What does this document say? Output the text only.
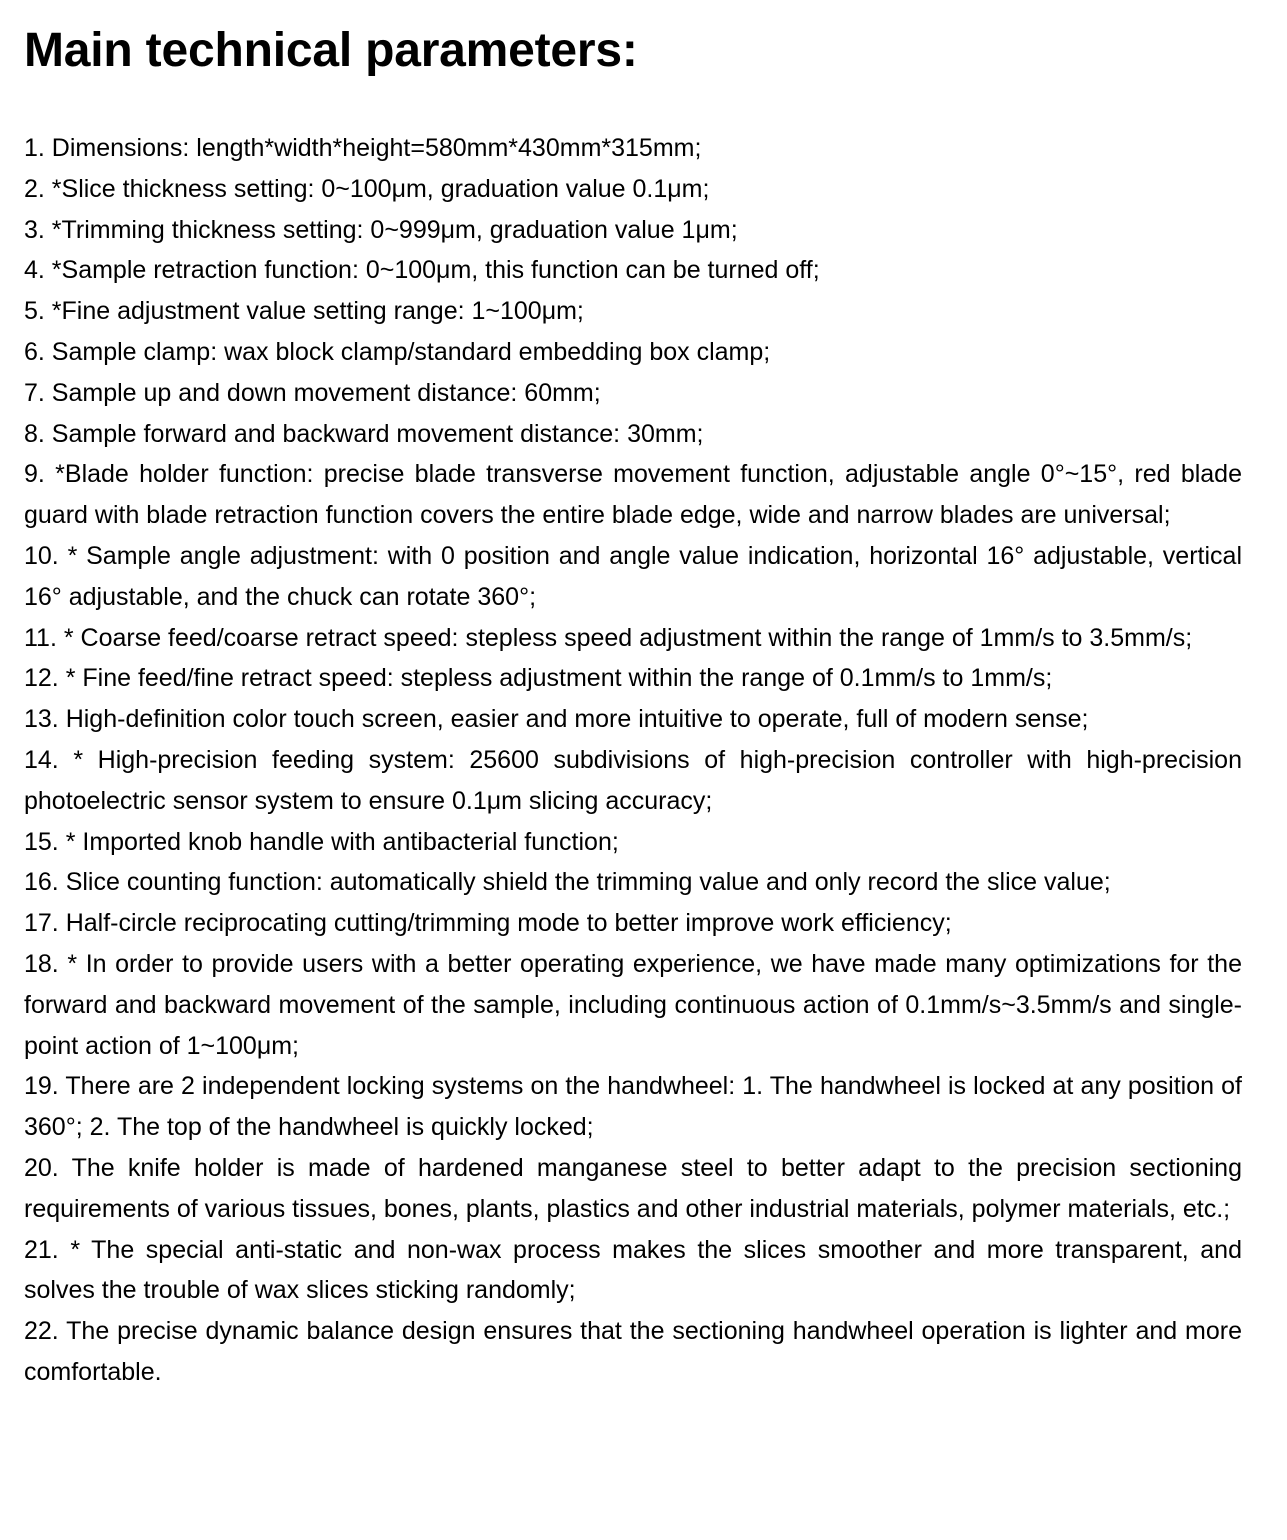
Main technical parameters:
1. Dimensions: length*width*height=580mm*430mm*315mm;
2. *Slice thickness setting: 0~100μm, graduation value 0.1μm;
3. *Trimming thickness setting: 0~999μm, graduation value 1μm;
4. *Sample retraction function: 0~100μm, this function can be turned off;
5. *Fine adjustment value setting range: 1~100μm;
6. Sample clamp: wax block clamp/standard embedding box clamp;
7. Sample up and down movement distance: 60mm;
8. Sample forward and backward movement distance: 30mm;
9. *Blade holder function: precise blade transverse movement function, adjustable angle 0°~15°, red blade guard with blade retraction function covers the entire blade edge, wide and narrow blades are universal;
10. * Sample angle adjustment: with 0 position and angle value indication, horizontal 16° adjustable, vertical 16° adjustable, and the chuck can rotate 360°;
11. * Coarse feed/coarse retract speed: stepless speed adjustment within the range of 1mm/s to 3.5mm/s;
12. * Fine feed/fine retract speed: stepless adjustment within the range of 0.1mm/s to 1mm/s;
13. High-definition color touch screen, easier and more intuitive to operate, full of modern sense;
14. * High-precision feeding system: 25600 subdivisions of high-precision controller with high-precision photoelectric sensor system to ensure 0.1μm slicing accuracy;
15. * Imported knob handle with antibacterial function;
16. Slice counting function: automatically shield the trimming value and only record the slice value;
17. Half-circle reciprocating cutting/trimming mode to better improve work efficiency;
18. * In order to provide users with a better operating experience, we have made many optimizations for the forward and backward movement of the sample, including continuous action of 0.1mm/s~3.5mm/s and single-point action of 1~100μm;
19. There are 2 independent locking systems on the handwheel: 1. The handwheel is locked at any position of 360°; 2. The top of the handwheel is quickly locked;
20. The knife holder is made of hardened manganese steel to better adapt to the precision sectioning requirements of various tissues, bones, plants, plastics and other industrial materials, polymer materials, etc.;
21. * The special anti-static and non-wax process makes the slices smoother and more transparent, and solves the trouble of wax slices sticking randomly;
22. The precise dynamic balance design ensures that the sectioning handwheel operation is lighter and more comfortable.
